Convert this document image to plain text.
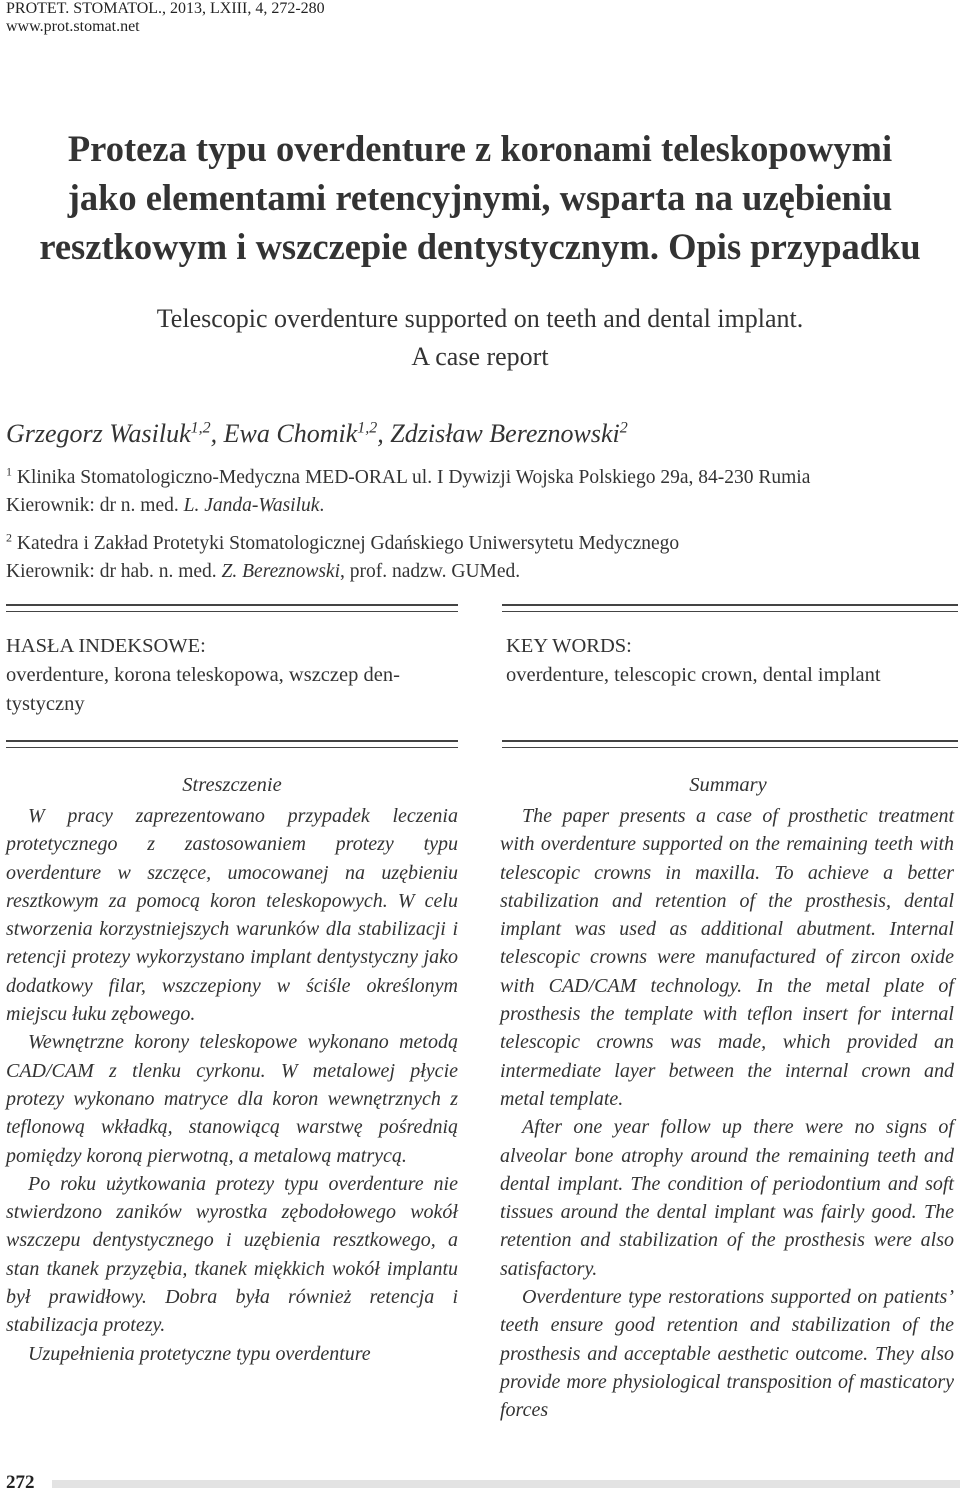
PROTET. STOMATOL., 2013, LXIII, 4, 272-280
www.prot.stomat.net
Proteza typu overdenture z koronami teleskopowymi
jako elementami retencyjnymi, wsparta na uzębieniu
resztkowym i wszczepie dentystycznym. Opis przypadku
Telescopic overdenture supported on teeth and dental implant.
A case report
Grzegorz Wasiluk$^{1,2}$, Ewa Chomik$^{1,2}$, Zdzisław Bereznowski$^2$
$^1$ Klinika Stomatologiczno-Medyczna MED-ORAL ul. I Dywizji Wojska Polskiego 29a, 84-230 Rumia
Kierownik: dr n. med. L. Janda-Wasiluk.
$^2$ Katedra i Zakład Protetyki Stomatologicznej Gdańskiego Uniwersytetu Medycznego
Kierownik: dr hab. n. med. Z. Bereznowski, prof. nadzw. GUMed.
HASŁA INDEKSOWE:
overdenture, korona teleskopowa, wszczep den-
tystyczny
KEY WORDS:
overdenture, telescopic crown, dental implant
Streszczenie

W pracy zaprezentowano przypadek leczenia protetycznego z zastosowaniem protezy typu overdenture w szczęce, umocowanej na uzębieniu resztkowym za pomocą koron teleskopowych. W celu stworzenia korzystniejszych warunków dla stabilizacji i retencji protezy wykorzystano implant dentystyczny jako dodatkowy filar, wszczepiony w ściśle określonym miejscu łuku zębowego.

Wewnętrzne korony teleskopowe wykonano metodą CAD/CAM z tlenku cyrkonu. W metalowej płycie protezy wykonano matryce dla koron wewnętrznych z teflonową wkładką, stanowiącą warstwę pośrednią pomiędzy koroną pierwotną, a metalową matrycą.

Po roku użytkowania protezy typu overdenture nie stwierdzono zaników wyrostka zębodołowego wokół wszczepu dentystycznego i uzębienia resztkowego, a stan tkanek przyzębia, tkanek miękkich wokół implantu był prawidłowy. Dobra była również retencja i stabilizacja protezy.

Uzupełnienia protetyczne typu overdenture

Summary

The paper presents a case of prosthetic treatment with overdenture supported on the remaining teeth with telescopic crowns in maxilla. To achieve a better stabilization and retention of the prosthesis, dental implant was used as additional abutment. Internal telescopic crowns were manufactured of zircon oxide with CAD/CAM technology. In the metal plate of prosthesis the template with teflon insert for internal telescopic crowns was made, which provided an intermediate layer between the internal crown and metal template.

After one year follow up there were no signs of alveolar bone atrophy around the remaining teeth and dental implant. The condition of periodontium and soft tissues around the dental implant was fairly good. The retention and stabilization of the prosthesis were also satisfactory.

Overdenture type restorations supported on patients’ teeth ensure good retention and stabilization of the prosthesis and acceptable aesthetic outcome. They also provide more physiological transposition of masticatory forces

272
